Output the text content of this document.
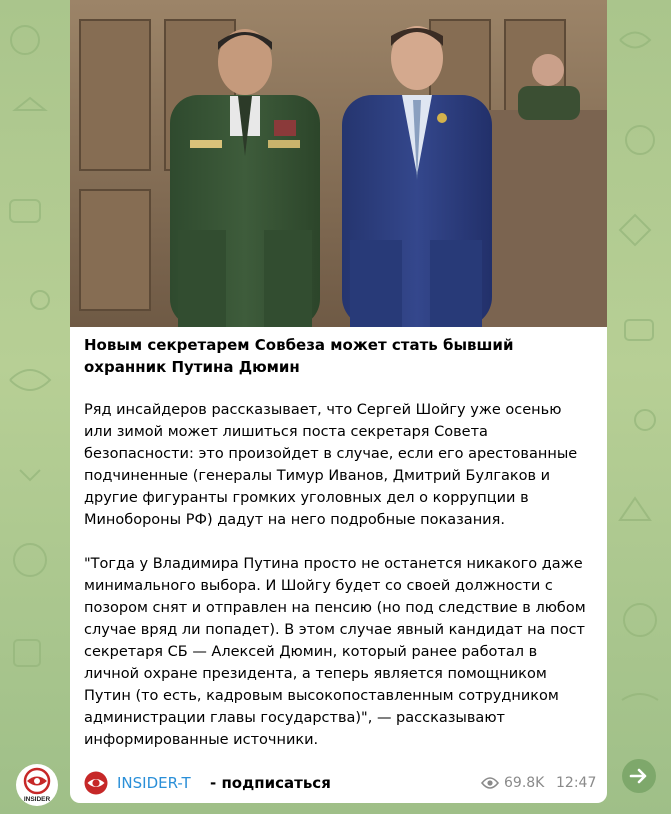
Новым секретарем Совбеза может стать бывший охранник Путина Дюмин
Ряд инсайдеров рассказывает, что Сергей Шойгу уже осенью или зимой может лишиться поста секретаря Совета безопасности: это произойдет в случае, если его арестованные подчиненные (генералы Тимур Иванов, Дмитрий Булгаков и другие фигуранты громких уголовных дел о коррупции в Минобороны РФ) дадут на него подробные показания.
"Тогда у Владимира Путина просто не останется никакого даже минимального выбора. И Шойгу будет со своей должности с позором снят и отправлен на пенсию (но под следствие в любом случае вряд ли попадет). В этом случае явный кандидат на пост секретаря СБ — Алексей Дюмин, который ранее работал в личной охране президента, а теперь является помощником Путин (то есть, кадровым высокопоставленным сотрудником администрации главы государства)", — рассказывают информированные источники.
INSIDER-T - подписаться	69.8K 12:47
INSIDER
